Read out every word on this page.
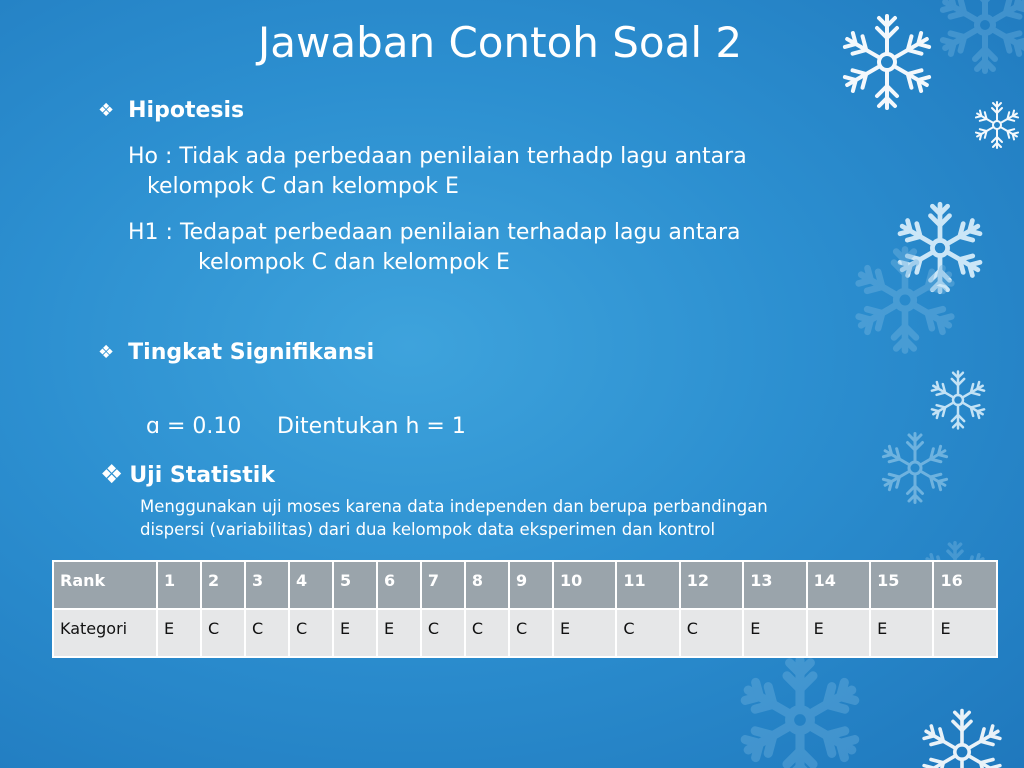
Jawaban Contoh Soal 2
❖ Hipotesis
Ho : Tidak ada perbedaan penilaian terhadp lagu antara
kelompok C dan kelompok E
H1 : Tedapat perbedaan penilaian terhadap lagu antara
kelompok C dan kelompok E
❖ Tingkat Signifikansi
ɑ = 0.10 Ditentukan h = 1
❖ Uji Statistik
Menggunakan uji moses karena data independen dan berupa perbandingan
dispersi (variabilitas) dari dua kelompok data eksperimen dan kontrol
Rank	1	2	3	4	5	6	7	8	9	10	11	12	13	14	15	16
Kategori	E	C	C	C	E	E	C	C	C	E	C	C	E	E	E	E
